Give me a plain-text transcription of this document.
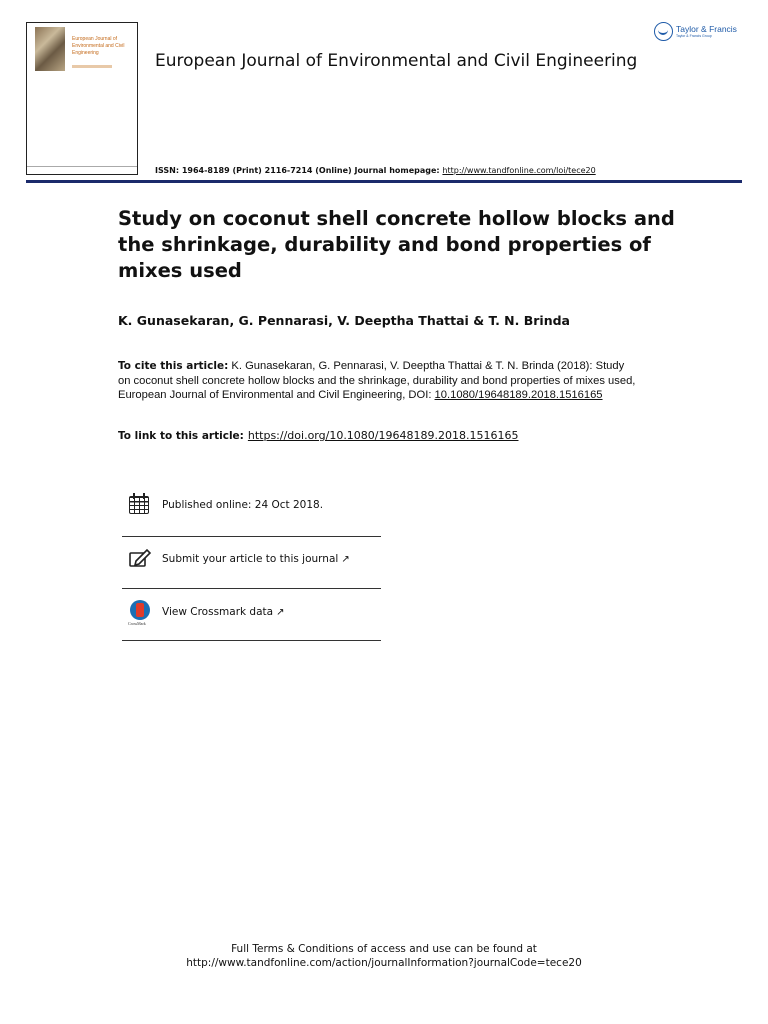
European Journal of Environmental and Civil Engineering	European Journal of Environmental and Civil Engineering
Taylor & Francis
Taylor & Francis Group
ISSN: 1964-8189 (Print) 2116-7214 (Online) Journal homepage: http://www.tandfonline.com/loi/tece20
Study on coconut shell concrete hollow blocks and the shrinkage, durability and bond properties of mixes used
K. Gunasekaran, G. Pennarasi, V. Deeptha Thattai & T. N. Brinda
To cite this article: K. Gunasekaran, G. Pennarasi, V. Deeptha Thattai & T. N. Brinda (2018): Study on coconut shell concrete hollow blocks and the shrinkage, durability and bond properties of mixes used, European Journal of Environmental and Civil Engineering, DOI: 10.1080/19648189.2018.1516165
To link to this article: https://doi.org/10.1080/19648189.2018.1516165
Published online: 24 Oct 2018.
Submit your article to this journal ↗
CrossMark
View Crossmark data ↗
Full Terms & Conditions of access and use can be found at
http://www.tandfonline.com/action/journalInformation?journalCode=tece20
